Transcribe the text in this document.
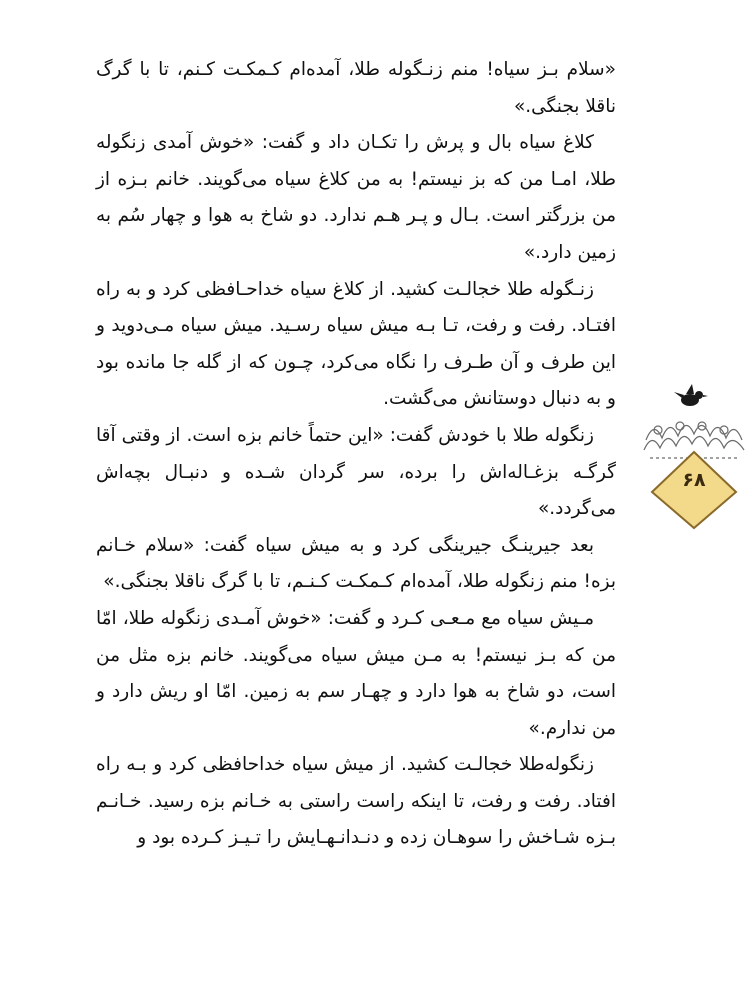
«سلام بـز سیاه! منم زنـگوله طلا، آمده‌ام کـمکـت کـنم، تا با گرگ ناقلا بجنگی.»

کلاغ سیاه بال و پرش را تکـان داد و گفت: «خوش آمدی زنگوله طلا، امـا من که بز نیستم! به من کلاغ سیاه می‌گویند. خانم بـزه از من بزرگتر است. بـال و پـر هـم ندارد. دو شاخ به هوا و چهار سُم به زمین دارد.»

زنـگوله طلا خجالـت کشید. از کلاغ سیاه خداحـافظی کرد و به راه افتـاد. رفت و رفت، تـا بـه میش سیاه رسـید. میش سیاه مـی‌دوید و این طرف و آن طـرف را نگاه می‌کرد، چـون که از گله جا مانده بود و به دنبال دوستانش می‌گشت.

زنگوله طلا با خودش گفت: «این حتماً خانم بزه است. از وقتی آقا گرگـه بزغـاله‌اش را برده، سر گردان شـده و دنبـال بچه‌اش می‌گردد.»

بعد جیرینـگ جیرینگی کرد و به میش سیاه گفت: «سلام خـانم بزه! منم زنگوله طلا، آمده‌ام کـمکـت کـنـم، تا با گرگ ناقلا بجنگی.»

مـیش سیاه مع مـعـی کـرد و گفت: «خوش آمـدی زنگوله طلا، امّا من که بـز نیستم! به مـن میش سیاه می‌گویند. خانم بزه مثل من است، دو شاخ به هوا دارد و چهـار سم به زمین. امّا او ریش دارد و من ندارم.»

زنگوله‌طلا خجالـت کشید. از میش سیاه خداحافظی کرد و بـه راه افتاد. رفت و رفت، تا اینکه راست راستی به خـانم بزه رسید. خـانـم بـزه شـاخش را سوهـان زده و دنـدانـهـایش را تـیـز کـرده بود و

۶۸
